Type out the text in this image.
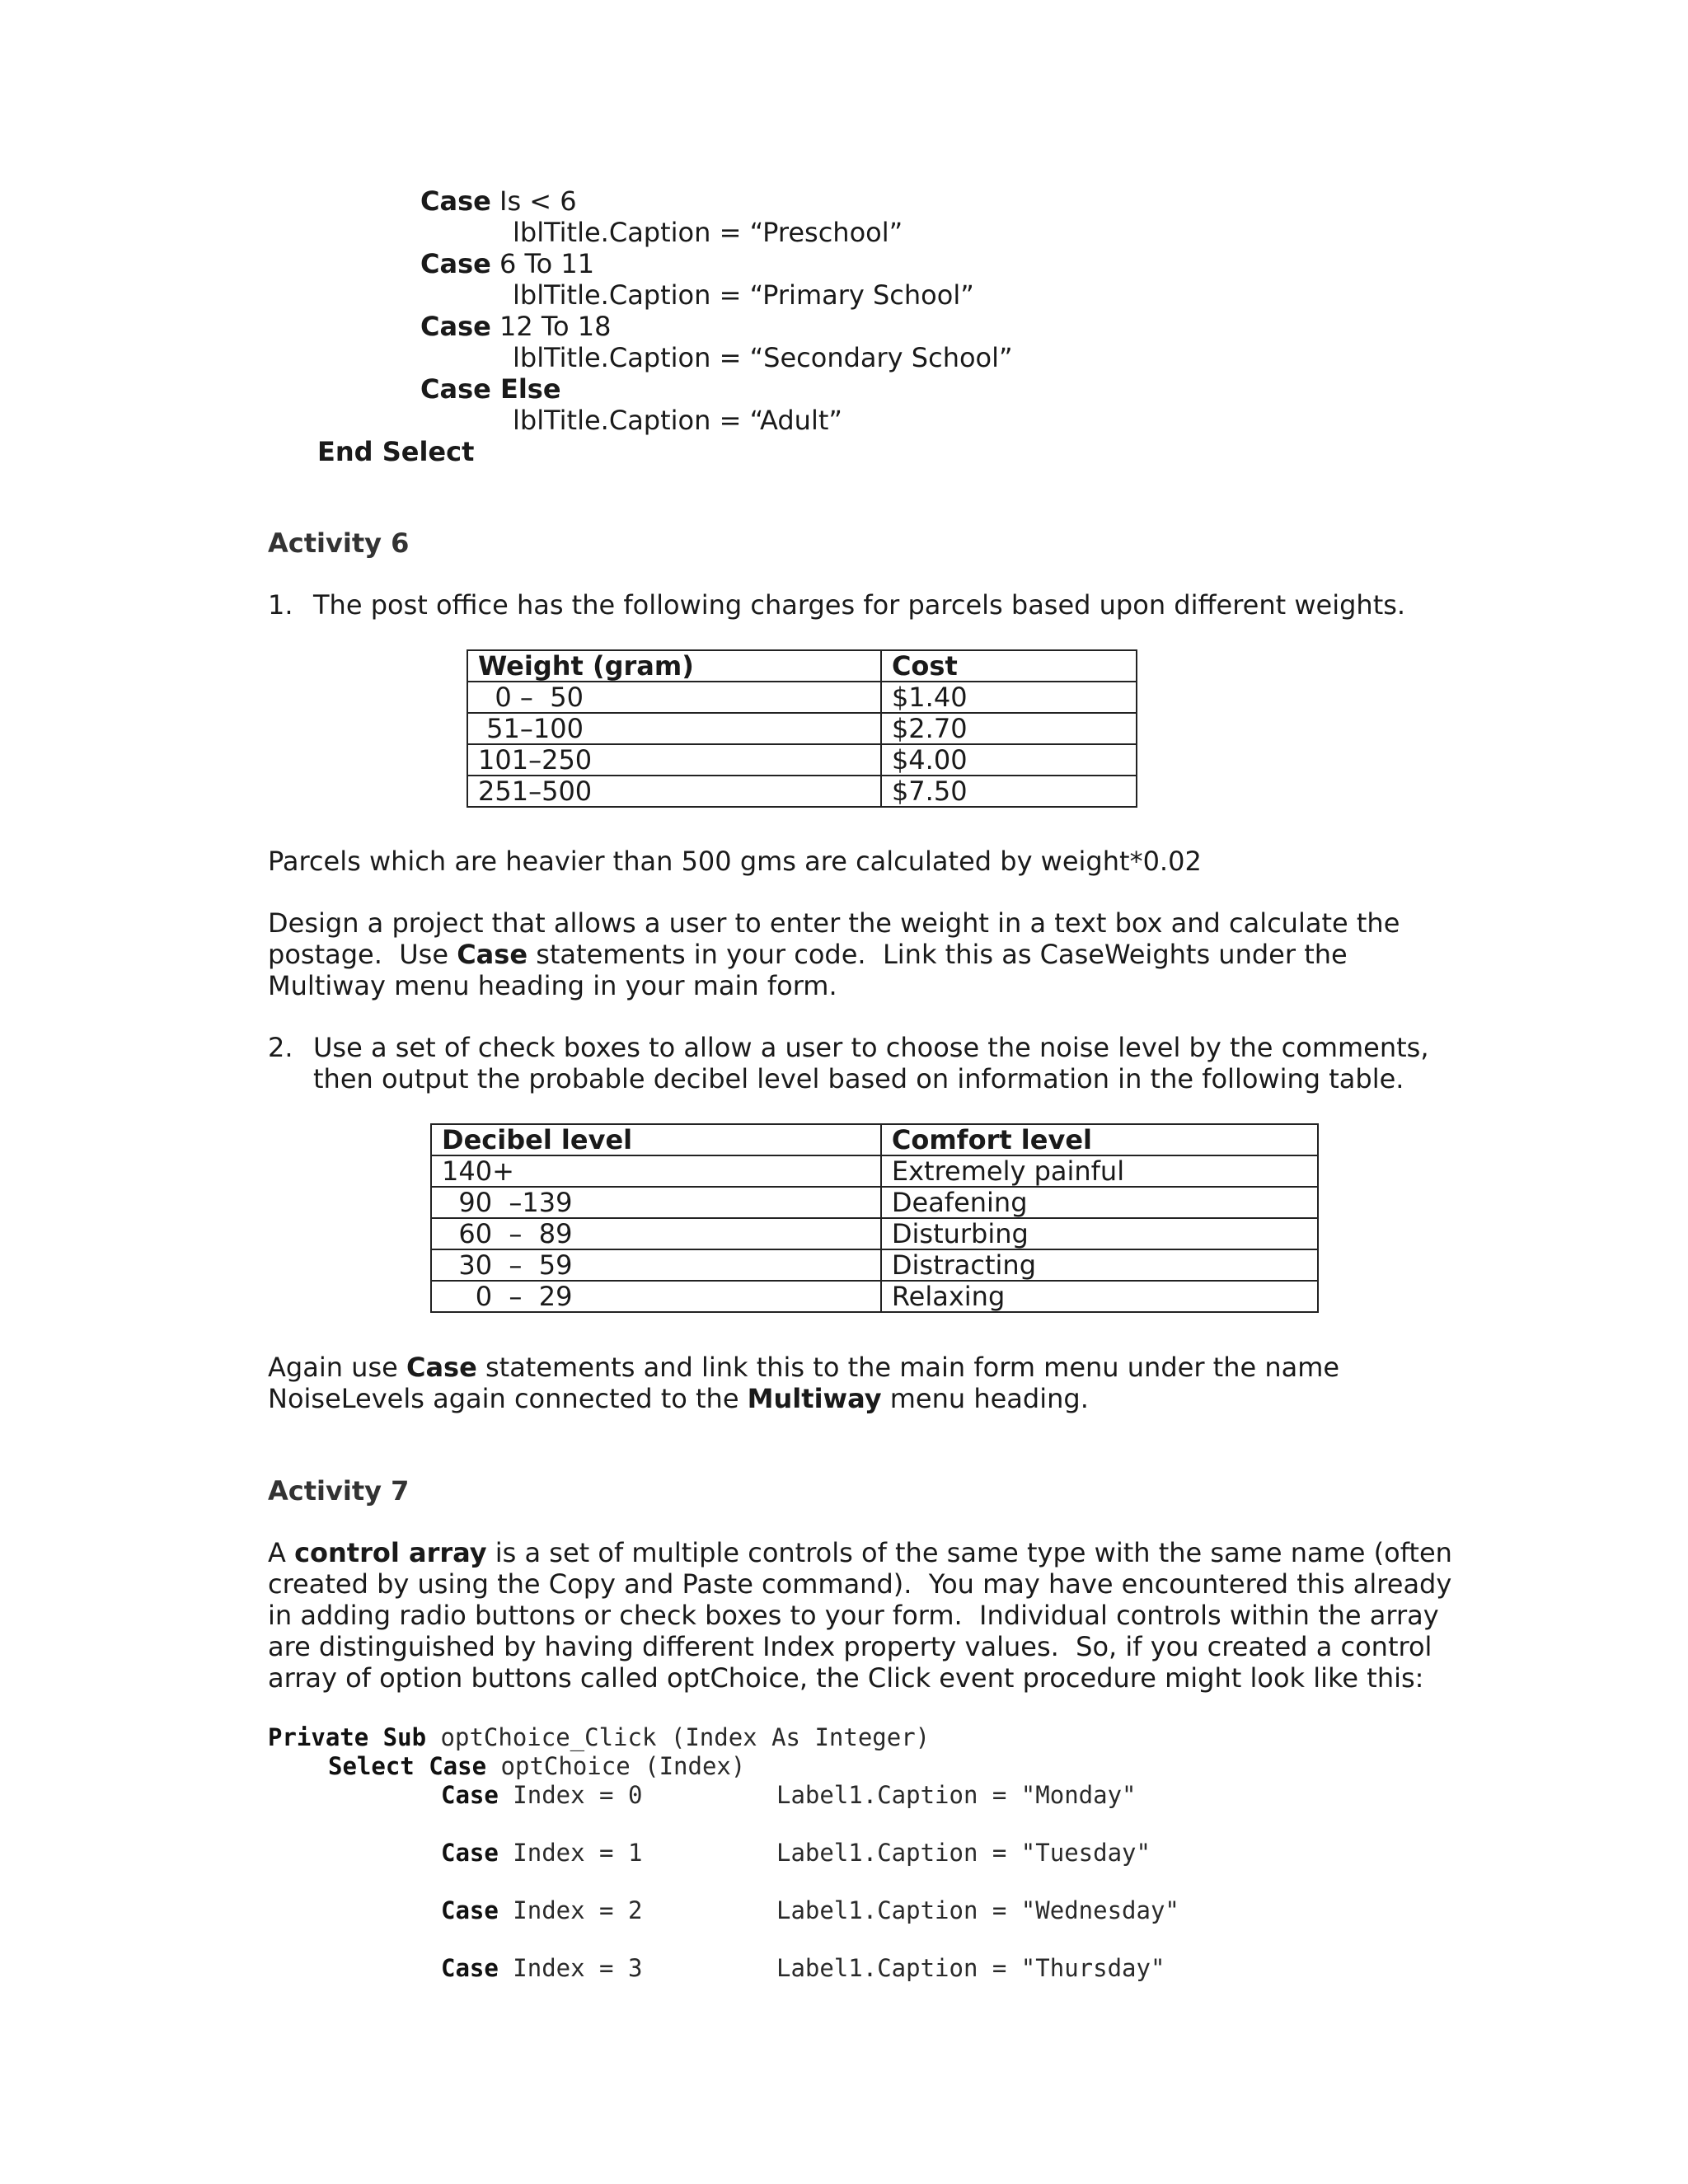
Case Is < 6
lblTitle.Caption = “Preschool”
Case 6 To 11
lblTitle.Caption = “Primary School”
Case 12 To 18
lblTitle.Caption = “Secondary School”
Case Else
lblTitle.Caption = “Adult”
End Select
Activity 6
1. The post office has the following charges for parcels based upon different weights.
Weight (gram)	Cost
0 –  50	$1.40
51–100	$2.70
101–250	$4.00
251–500	$7.50
Parcels which are heavier than 500 gms are calculated by weight*0.02
Design a project that allows a user to enter the weight in a text box and calculate the
postage.  Use Case statements in your code.  Link this as CaseWeights under the
Multiway menu heading in your main form.
2. Use a set of check boxes to allow a user to choose the noise level by the comments,
then output the probable decibel level based on information in the following table.
Decibel level	Comfort level
140+	Extremely painful
90  –139	Deafening
60  –  89	Disturbing
30  –  59	Distracting
0  –  29	Relaxing
Again use Case statements and link this to the main form menu under the name
NoiseLevels again connected to the Multiway menu heading.
Activity 7
A control array is a set of multiple controls of the same type with the same name (often
created by using the Copy and Paste command).  You may have encountered this already
in adding radio buttons or check boxes to your form.  Individual controls within the array
are distinguished by having different Index property values.  So, if you created a control
array of option buttons called optChoice, the Click event procedure might look like this:
Private Sub optChoice_Click (Index As Integer)
Select Case optChoice (Index)
Case Index = 0	Label1.Caption = "Monday"
Case Index = 1	Label1.Caption = "Tuesday"
Case Index = 2	Label1.Caption = "Wednesday"
Case Index = 3	Label1.Caption = "Thursday"
